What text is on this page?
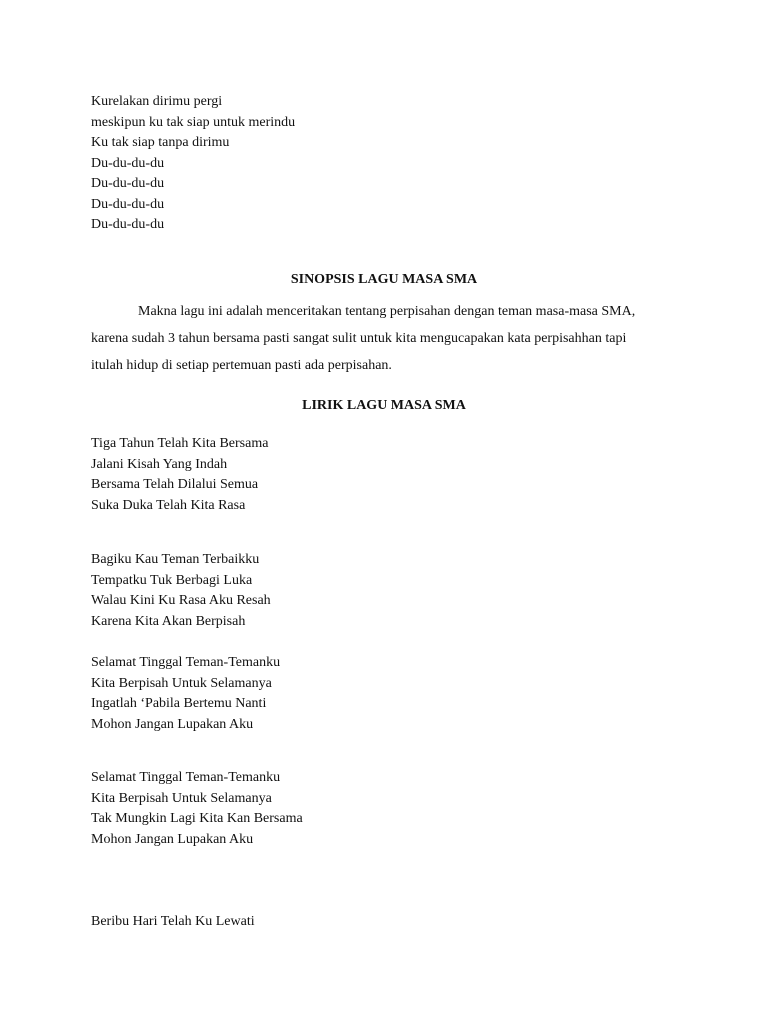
Kurelakan dirimu pergi
meskipun ku tak siap untuk merindu
Ku tak siap tanpa dirimu
Du-du-du-du
Du-du-du-du
Du-du-du-du
Du-du-du-du
SINOPSIS LAGU MASA SMA
Makna lagu ini adalah menceritakan tentang perpisahan dengan teman masa-masa SMA,
karena sudah 3 tahun bersama pasti sangat sulit untuk kita mengucapakan kata perpisahhan tapi
itulah hidup di setiap pertemuan pasti ada perpisahan.
LIRIK LAGU MASA SMA
Tiga Tahun Telah Kita Bersama
Jalani Kisah Yang Indah
Bersama Telah Dilalui Semua
Suka Duka Telah Kita Rasa
Bagiku Kau Teman Terbaikku
Tempatku Tuk Berbagi Luka
Walau Kini Ku Rasa Aku Resah
Karena Kita Akan Berpisah
Selamat Tinggal Teman-Temanku
Kita Berpisah Untuk Selamanya
Ingatlah ‘Pabila Bertemu Nanti
Mohon Jangan Lupakan Aku
Selamat Tinggal Teman-Temanku
Kita Berpisah Untuk Selamanya
Tak Mungkin Lagi Kita Kan Bersama
Mohon Jangan Lupakan Aku
Beribu Hari Telah Ku Lewati
